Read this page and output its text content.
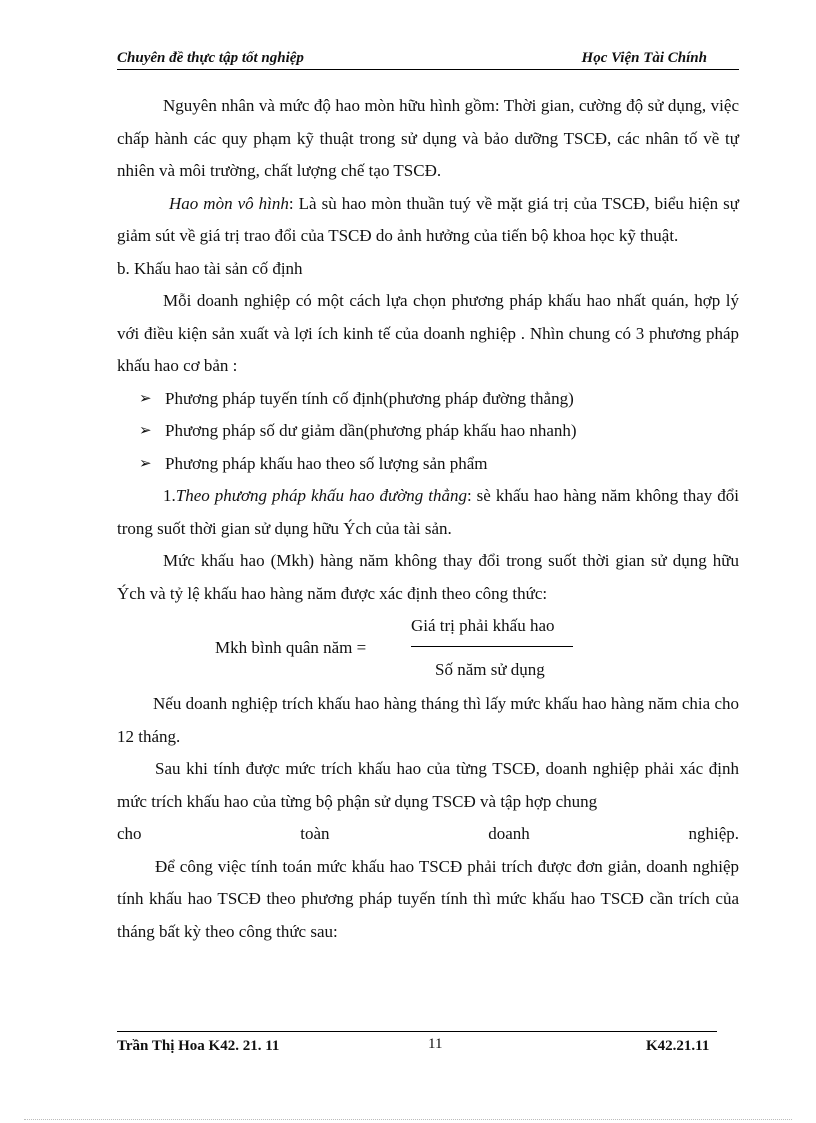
Chuyên đề thực tập tốt nghiệp	Học Viện Tài Chính

Nguyên nhân và mức độ hao mòn hữu hình gồm: Thời gian, cường độ sử dụng, việc chấp hành các quy phạm kỹ thuật trong sử dụng và bảo dưỡng TSCĐ, các nhân tố về tự nhiên và môi trường, chất lượng chế tạo TSCĐ.

Hao mòn vô hình: Là sù hao mòn thuần tuý về mặt giá trị của TSCĐ, biểu hiện sự giảm sút về giá trị trao đổi của TSCĐ do ảnh hưởng của tiến bộ khoa học kỹ thuật.

b. Khấu hao tài sản cố định

Mỗi doanh nghiệp có một cách lựa chọn phương pháp khấu hao nhất quán, hợp lý với điều kiện sản xuất và lợi ích kinh tế của doanh nghiệp . Nhìn chung có 3 phương pháp khấu hao cơ bản :

➢ Phương pháp tuyến tính cố định(phương pháp đường thẳng)

➢ Phương pháp số dư giảm dần(phương pháp khấu hao nhanh)

➢ Phương pháp khấu hao theo số lượng sản phẩm

1.Theo phương pháp khấu hao đường thẳng: sè khấu hao hàng năm không thay đổi trong suốt thời gian sử dụng hữu Ých của tài sản.

Mức khấu hao (Mkh) hàng năm không thay đổi trong suốt thời gian sử dụng hữu Ých và tỷ lệ khấu hao hàng năm được xác định theo công thức:

Mkh bình quân năm =
Giá trị phải khấu hao
Số năm sử dụng

Nếu doanh nghiệp trích khấu hao hàng tháng thì lấy mức khấu hao hàng năm chia cho 12 tháng.

Sau khi tính được mức trích khấu hao của từng TSCĐ, doanh nghiệp phải xác định mức trích khấu hao của từng bộ phận sử dụng TSCĐ và tập hợp chung

cho toàn doanh nghiệp.

Để công việc tính toán mức khấu hao TSCĐ phải trích được đơn giản, doanh nghiệp tính khấu hao TSCĐ theo phương pháp tuyến tính thì mức khấu hao TSCĐ cần trích của tháng bất kỳ theo công thức sau:

Trần Thị Hoa K42. 21. 11	11	K42.21.11
